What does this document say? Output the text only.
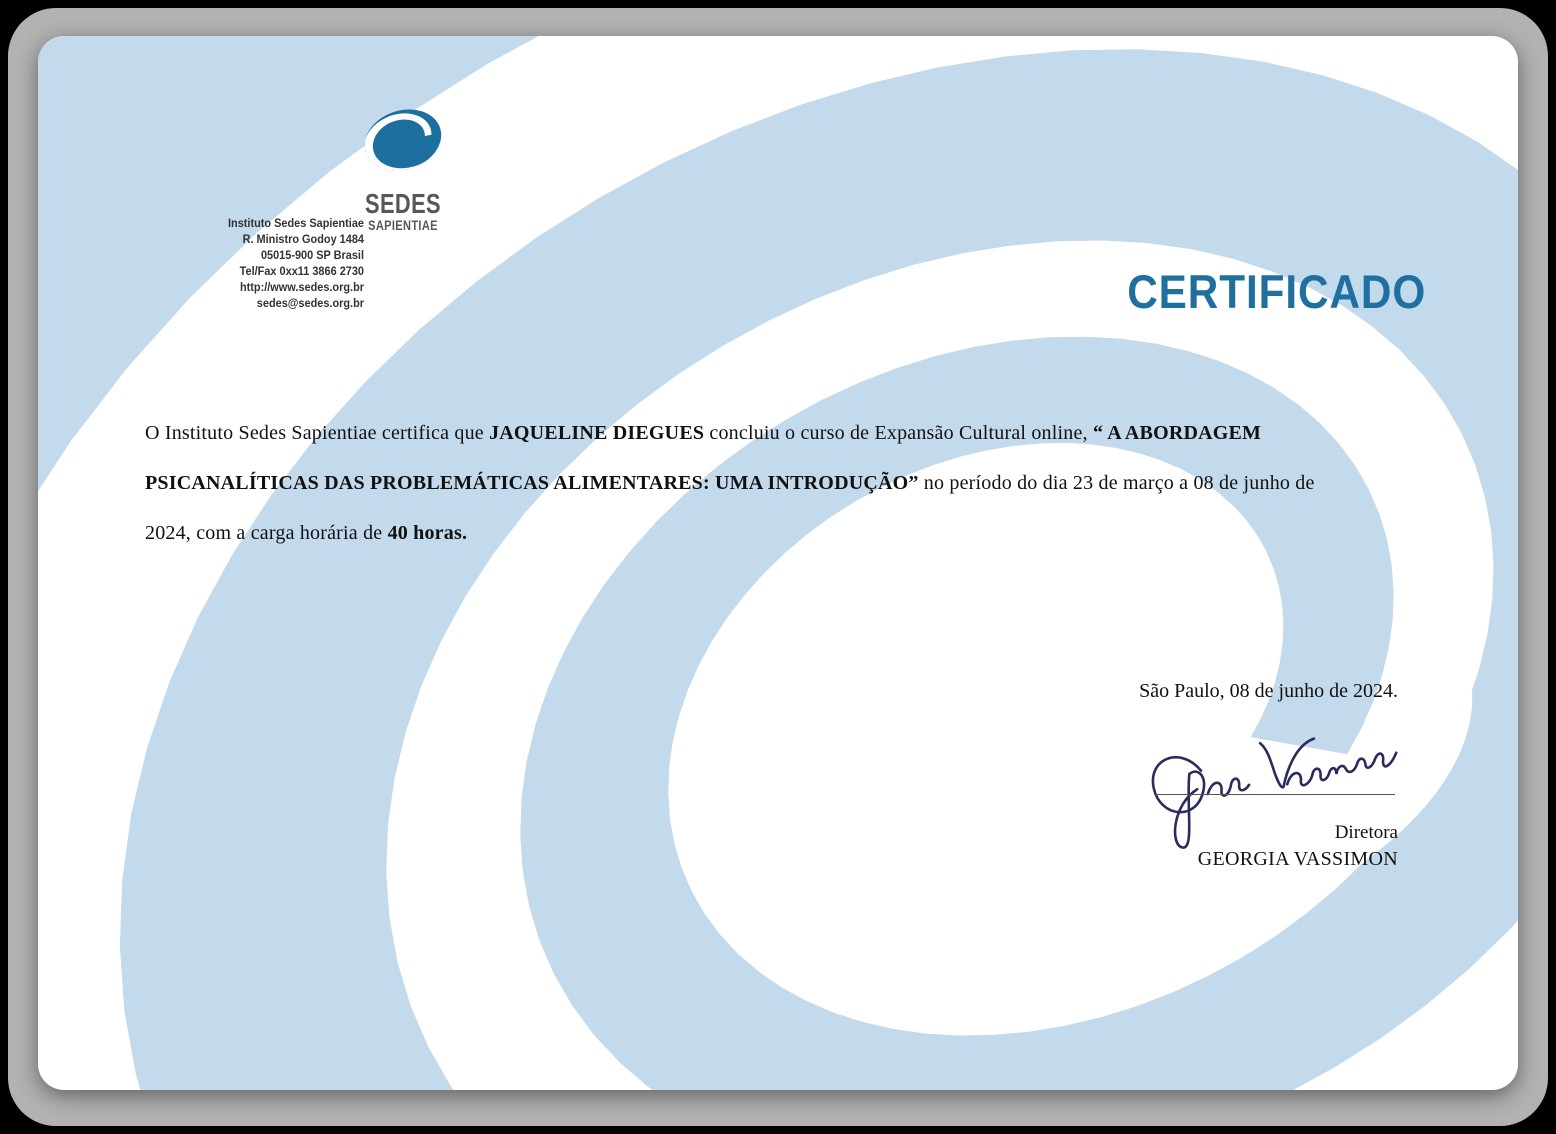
SEDES
SAPIENTIAE
Instituto Sedes Sapientiae
R. Ministro Godoy 1484
05015-900 SP Brasil
Tel/Fax 0xx11 3866 2730
http://www.sedes.org.br
sedes@sedes.org.br	CERTIFICADO
O Instituto Sedes Sapientiae certifica que JAQUELINE DIEGUES concluiu o curso de Expansão Cultural online, “ A ABORDAGEM
PSICANALÍTICAS DAS PROBLEMÁTICAS ALIMENTARES: UMA INTRODUÇÃO” no período do dia 23 de março a 08 de junho de
2024, com a carga horária de 40 horas.
São Paulo, 08 de junho de 2024.
Diretora
GEORGIA VASSIMON
